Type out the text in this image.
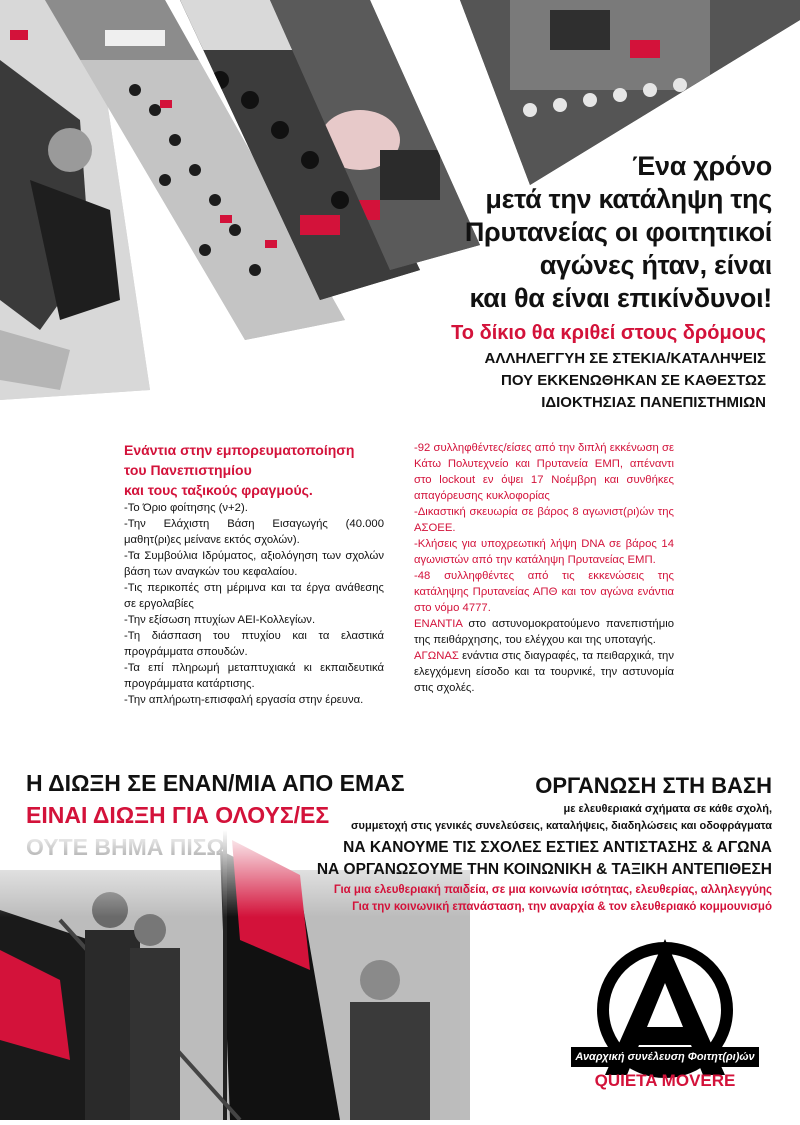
Ένα χρόνο
μετά την κατάληψη της
Πρυτανείας οι φοιτητικοί
αγώνες ήταν, είναι
και θα είναι επικίνδυνοι!
Το δίκιο θα κριθεί στους δρόμους
ΑΛΛΗΛΕΓΓΥΗ ΣΕ ΣΤΕΚΙΑ/ΚΑΤΑΛΗΨΕΙΣ
ΠΟΥ ΕΚΚΕΝΩΘΗΚΑΝ ΣΕ ΚΑΘΕΣΤΩΣ
ΙΔΙΟΚΤΗΣΙΑΣ ΠΑΝΕΠΙΣΤΗΜΙΩΝ
Ενάντια στην εμπορευματοποίηση
του Πανεπιστημίου
και τους ταξικούς φραγμούς.

-Το Όριο φοίτησης (ν+2).

-Την Ελάχιστη Βάση Εισαγωγής (40.000 μαθητ(ρι)ες μείνανε εκτός σχολών).

-Τα Συμβούλια Ιδρύματος, αξιολόγηση των σχολών βάση των αναγκών του κεφαλαίου.

-Τις περικοπές στη μέριμνα και τα έργα ανάθεσης σε εργολαβίες

-Την εξίσωση πτυχίων ΑΕΙ-Κολλεγίων.

-Τη διάσπαση του πτυχίου και τα ελαστικά προγράμματα σπουδών.

-Τα επί πληρωμή μεταπτυχιακά κι εκπαιδευτικά προγράμματα κατάρτισης.

-Την απλήρωτη-επισφαλή εργασία στην έρευνα.

-92 συλληφθέντες/είσες από την διπλή εκκένωση σε Κάτω Πολυτεχνείο και Πρυτανεία ΕΜΠ, απέναντι στο lockout εν όψει 17 Νοέμβρη και συνθήκες απαγόρευσης κυκλοφορίας

-Δικαστική σκευωρία σε βάρος 8 αγωνιστ(ρι)ών της ΑΣΟΕΕ.

-Κλήσεις για υποχρεωτική λήψη DNA σε βάρος 14 αγωνιστών από την κατάληψη Πρυτανείας ΕΜΠ.

-48 συλληφθέντες από τις εκκενώσεις της κατάληψης Πρυτανείας ΑΠΘ και τον αγώνα ενάντια στο νόμο 4777.

ΕΝΑΝΤΙΑ στο αστυνομοκρατούμενο πανεπιστήμιο της πειθάρχησης, του ελέγχου και της υποταγής.

ΑΓΩΝΑΣ ενάντια στις διαγραφές, τα πειθαρχικά, την ελεγχόμενη είσοδο και τα τουρνικέ, την αστυνομία στις σχολές.

Η ΔΙΩΞΗ ΣΕ ΕΝΑΝ/ΜΙΑ ΑΠΟ ΕΜΑΣ
ΕΙΝΑΙ ΔΙΩΞΗ ΓΙΑ ΟΛΟΥΣ/ΕΣ
ΟΡΓΑΝΩΣΗ ΣΤΗ ΒΑΣΗ
με ελευθεριακά σχήματα σε κάθε σχολή,
συμμετοχή στις γενικές συνελεύσεις, καταλήψεις, διαδηλώσεις και οδοφράγματα
ΝΑ ΚΑΝΟΥΜΕ ΤΙΣ ΣΧΟΛΕΣ ΕΣΤΙΕΣ ΑΝΤΙΣΤΑΣΗΣ & ΑΓΩΝΑ
ΝΑ ΟΡΓΑΝΩΣΟΥΜΕ ΤΗΝ ΚΟΙΝΩΝΙΚΗ & ΤΑΞΙΚΗ ΑΝΤΕΠΙΘΕΣΗ
Για μια ελευθεριακή παιδεία, σε μια κοινωνία ισότητας, ελευθερίας, αλληλεγγύης
Για την κοινωνική επανάσταση, την αναρχία & τον ελευθεριακό κομμουνισμό
Αναρχική συνέλευση Φοιτητ(ρι)ών
QUIETA MOVERE
